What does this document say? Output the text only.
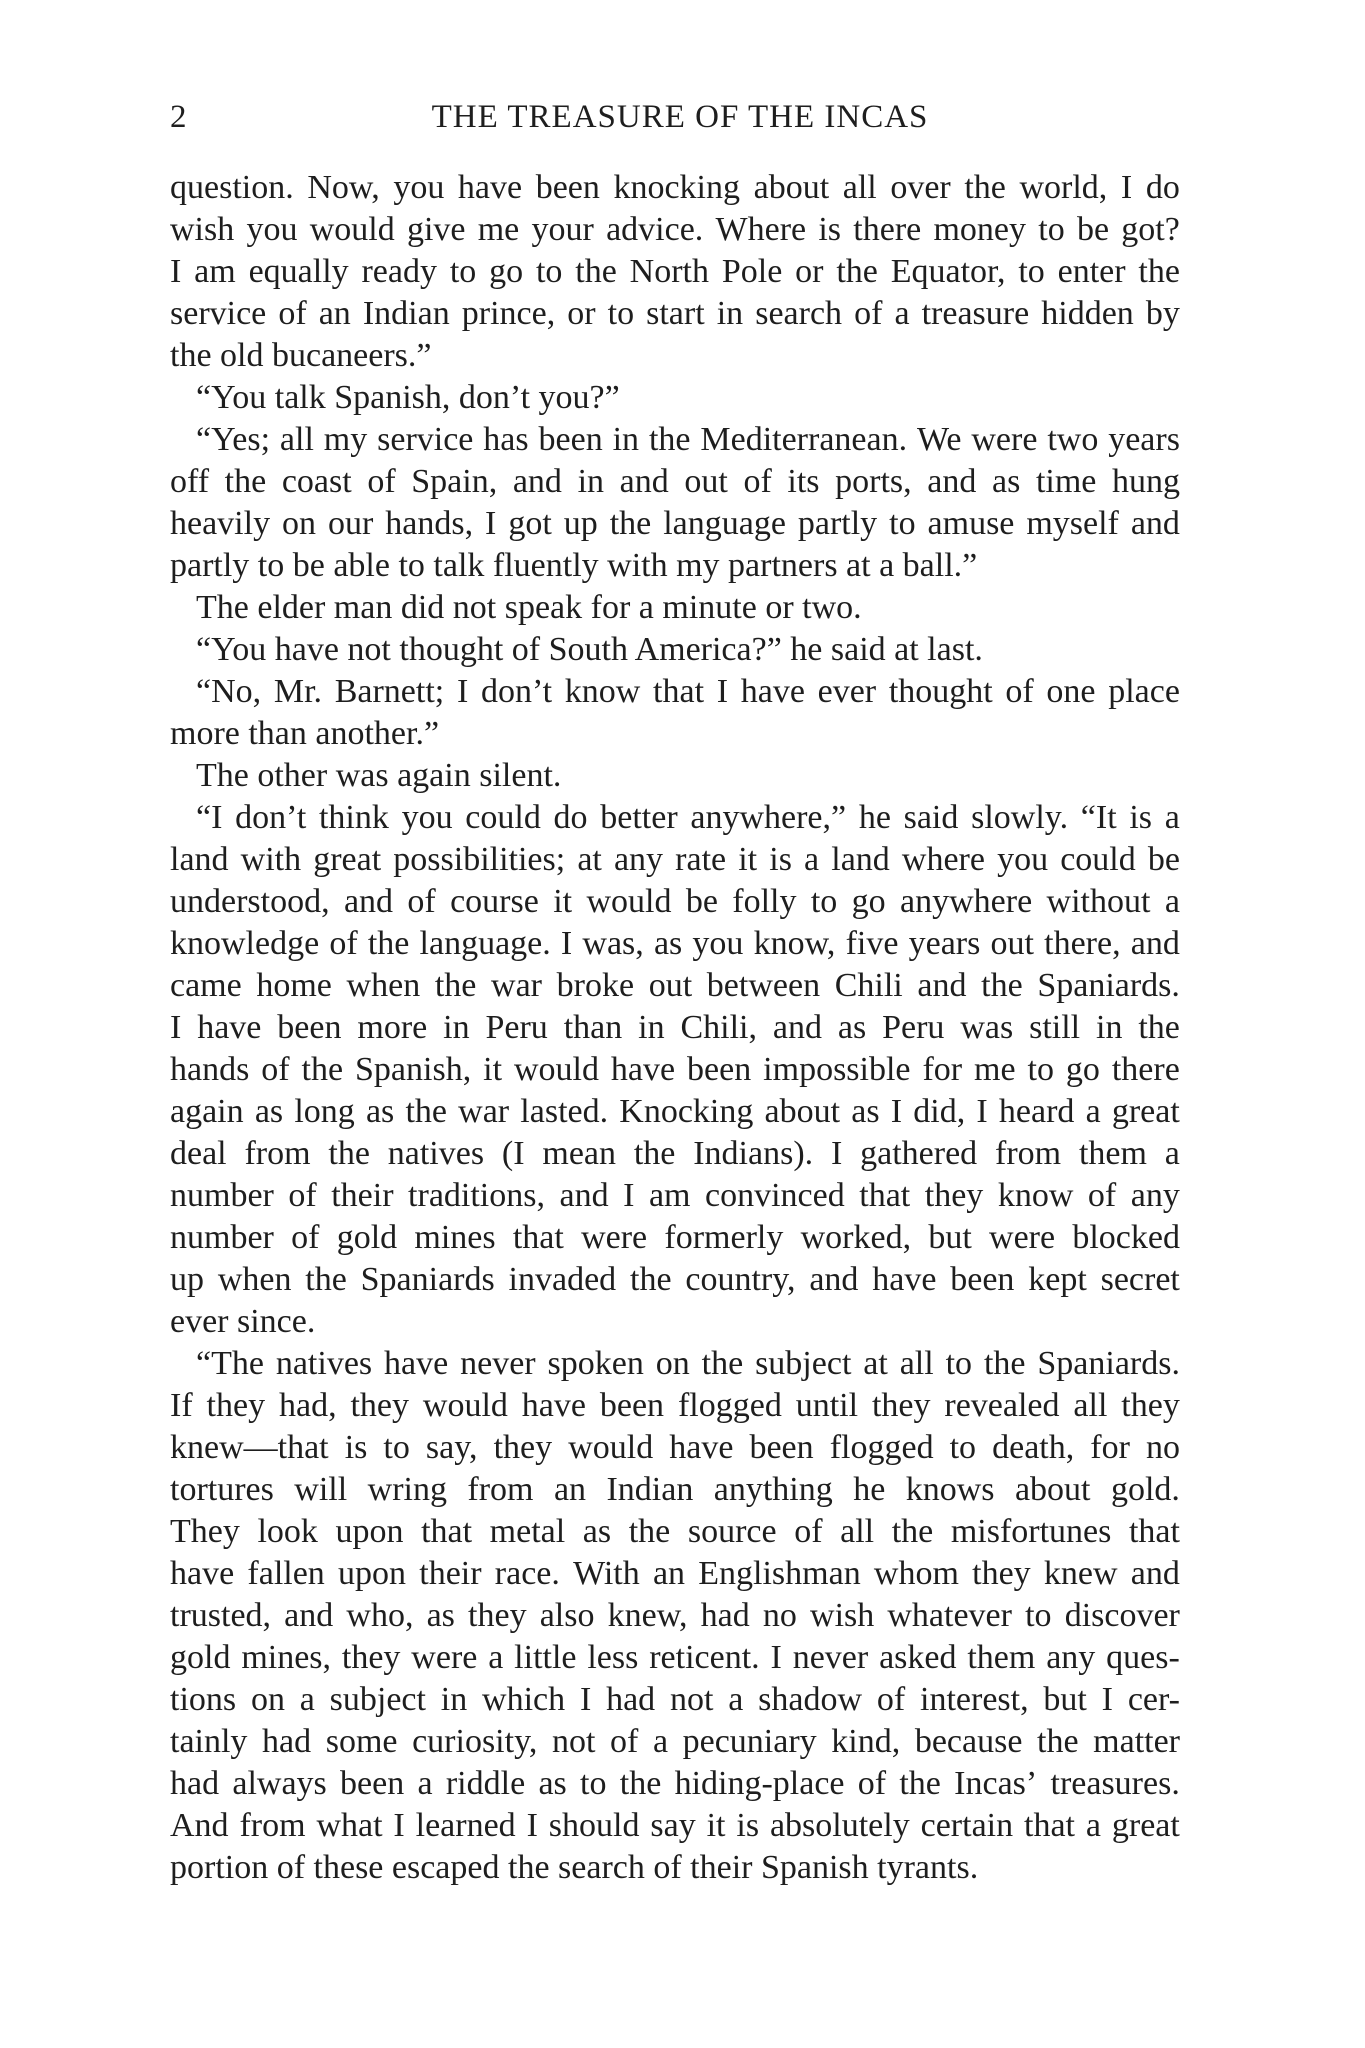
2	THE TREASURE OF THE INCAS
question. Now, you have been knocking about all over the world, I do
wish you would give me your advice. Where is there money to be got?
I am equally ready to go to the North Pole or the Equator, to enter the
service of an Indian prince, or to start in search of a treasure hidden by
the old bucaneers.”
“You talk Spanish, don’t you?”
“Yes; all my service has been in the Mediterranean. We were two years
off the coast of Spain, and in and out of its ports, and as time hung
heavily on our hands, I got up the language partly to amuse myself and
partly to be able to talk fluently with my partners at a ball.”
The elder man did not speak for a minute or two.
“You have not thought of South America?” he said at last.
“No, Mr. Barnett; I don’t know that I have ever thought of one place
more than another.”
The other was again silent.
“I don’t think you could do better anywhere,” he said slowly. “It is a
land with great possibilities; at any rate it is a land where you could be
understood, and of course it would be folly to go anywhere without a
knowledge of the language. I was, as you know, five years out there, and
came home when the war broke out between Chili and the Spaniards.
I have been more in Peru than in Chili, and as Peru was still in the
hands of the Spanish, it would have been impossible for me to go there
again as long as the war lasted. Knocking about as I did, I heard a great
deal from the natives (I mean the Indians). I gathered from them a
number of their traditions, and I am convinced that they know of any
number of gold mines that were formerly worked, but were blocked
up when the Spaniards invaded the country, and have been kept secret
ever since.
“The natives have never spoken on the subject at all to the Spaniards.
If they had, they would have been flogged until they revealed all they
knew—that is to say, they would have been flogged to death, for no
tortures will wring from an Indian anything he knows about gold.
They look upon that metal as the source of all the misfortunes that
have fallen upon their race. With an Englishman whom they knew and
trusted, and who, as they also knew, had no wish whatever to discover
gold mines, they were a little less reticent. I never asked them any ques-
tions on a subject in which I had not a shadow of interest, but I cer-
tainly had some curiosity, not of a pecuniary kind, because the matter
had always been a riddle as to the hiding-place of the Incas’ treasures.
And from what I learned I should say it is absolutely certain that a great
portion of these escaped the search of their Spanish tyrants.
